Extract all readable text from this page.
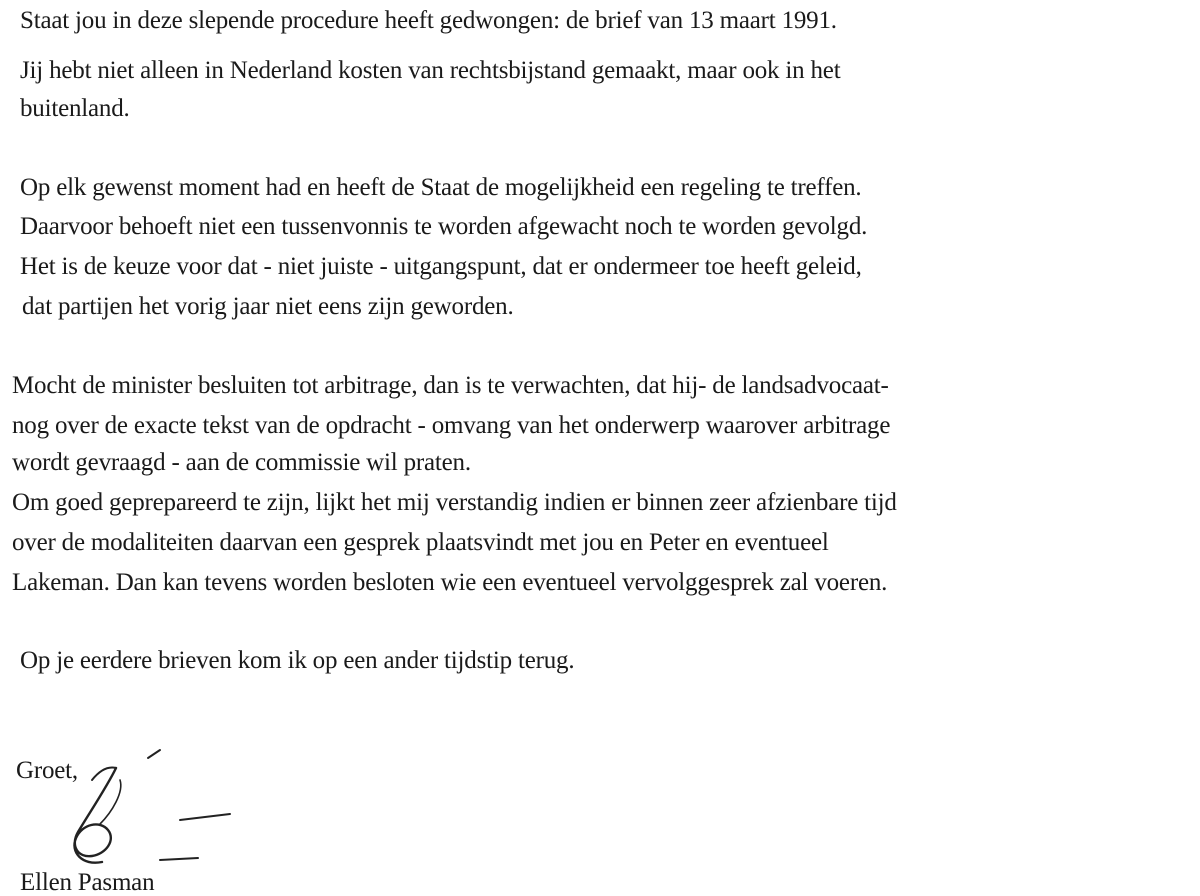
Staat jou in deze slepende procedure heeft gedwongen: de brief van 13 maart 1991.
Jij hebt niet alleen in Nederland kosten van rechtsbijstand gemaakt, maar ook in het
buitenland.
Op elk gewenst moment had en heeft de Staat de mogelijkheid een regeling te treffen.
Daarvoor behoeft niet een tussenvonnis te worden afgewacht noch te worden gevolgd.
Het is de keuze voor dat - niet juiste - uitgangspunt, dat er ondermeer toe heeft geleid,
dat partijen het vorig jaar niet eens zijn geworden.
Mocht de minister besluiten tot arbitrage, dan is te verwachten, dat hij- de landsadvocaat-
nog over de exacte tekst van de opdracht - omvang van het onderwerp waarover arbitrage
wordt gevraagd - aan de commissie wil praten.
Om goed geprepareerd te zijn, lijkt het mij verstandig indien er binnen zeer afzienbare tijd
over de modaliteiten daarvan een gesprek plaatsvindt met jou en Peter en eventueel
Lakeman. Dan kan tevens worden besloten wie een eventueel vervolggesprek zal voeren.
Op je eerdere brieven kom ik op een ander tijdstip terug.
Groet,
Ellen Pasman
